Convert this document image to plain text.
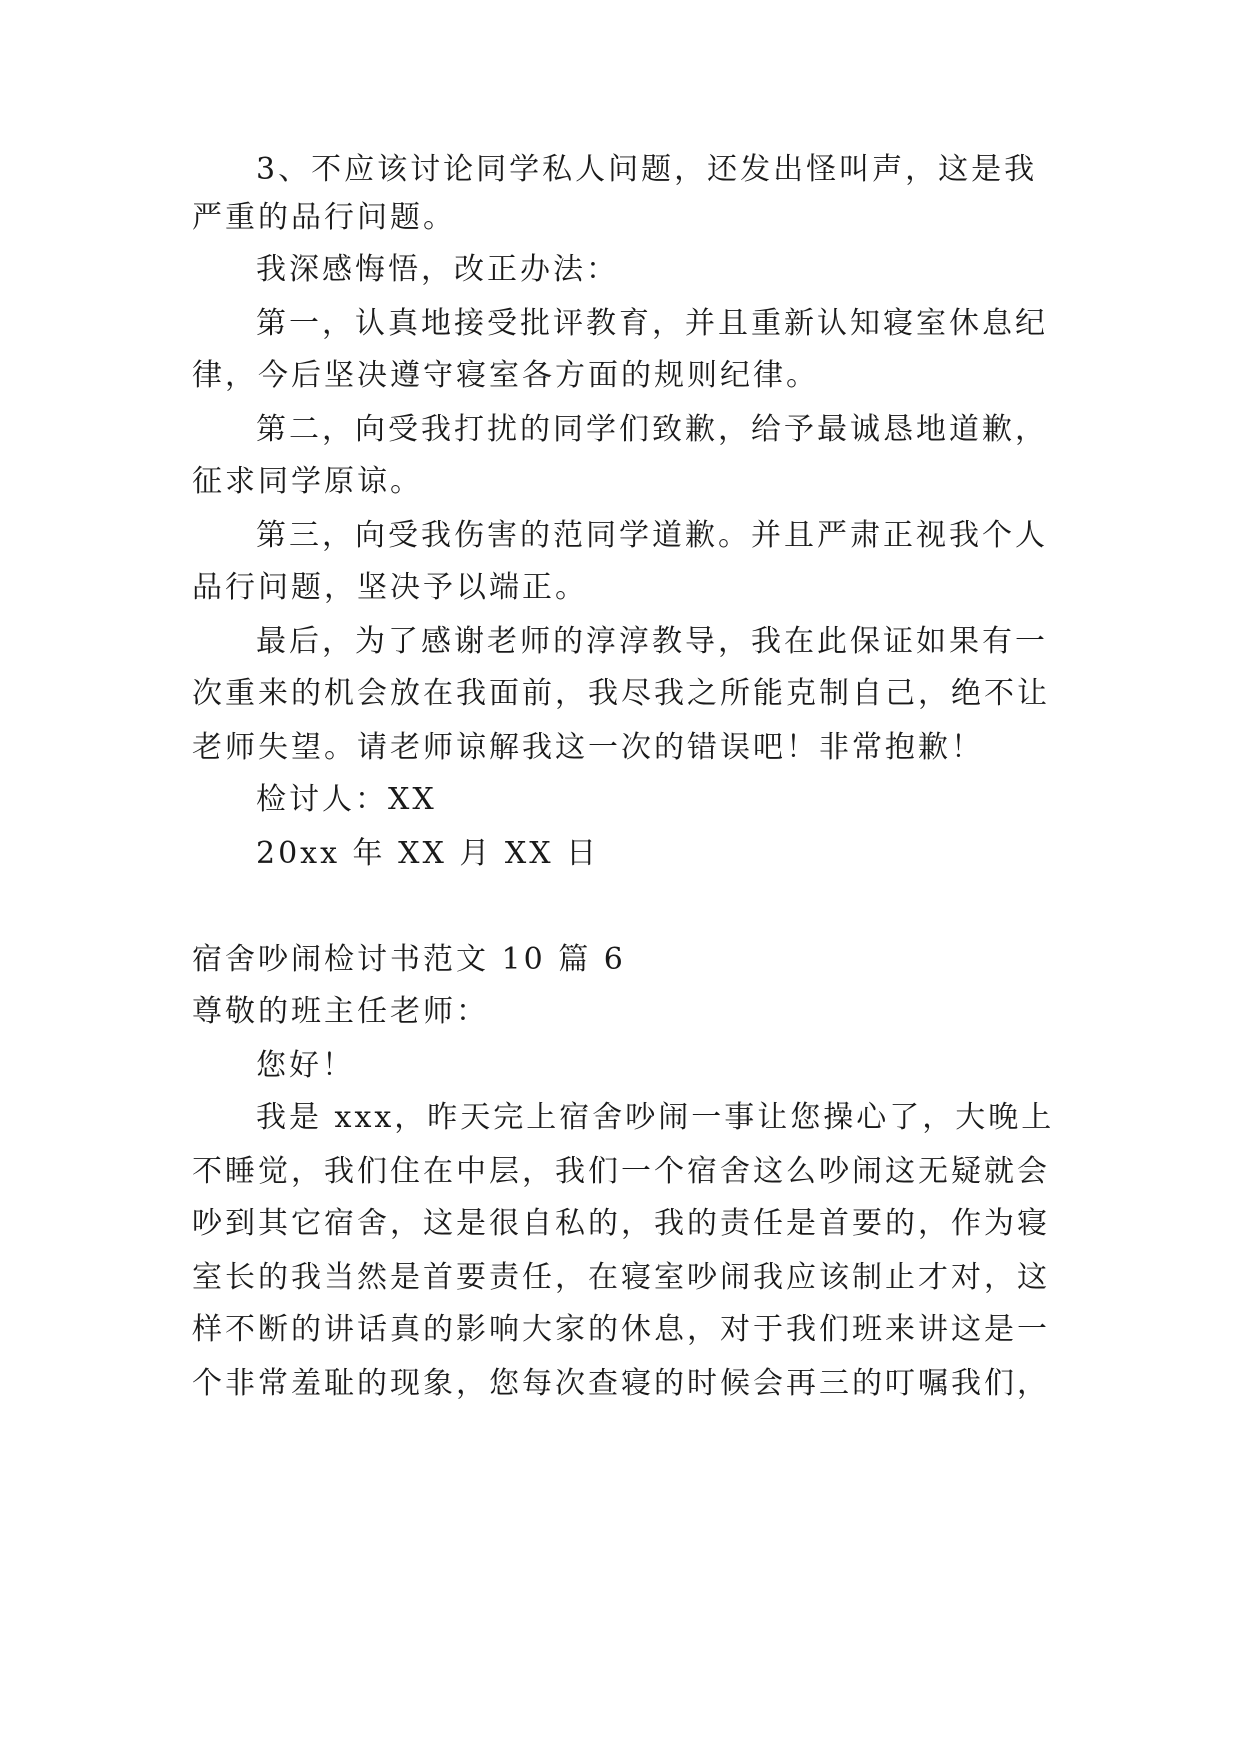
3、不应该讨论同学私人问题，还发出怪叫声，这是我
严重的品行问题。
我深感悔悟，改正办法：
第一，认真地接受批评教育，并且重新认知寝室休息纪
律，今后坚决遵守寝室各方面的规则纪律。
第二，向受我打扰的同学们致歉，给予最诚恳地道歉，
征求同学原谅。
第三，向受我伤害的范同学道歉。并且严肃正视我个人
品行问题，坚决予以端正。
最后，为了感谢老师的淳淳教导，我在此保证如果有一
次重来的机会放在我面前，我尽我之所能克制自己，绝不让
老师失望。请老师谅解我这一次的错误吧！非常抱歉！
检讨人：XX
20xx 年 XX 月 XX 日
宿舍吵闹检讨书范文 10 篇 6
尊敬的班主任老师：
您好！
我是 xxx，昨天完上宿舍吵闹一事让您操心了，大晚上
不睡觉，我们住在中层，我们一个宿舍这么吵闹这无疑就会
吵到其它宿舍，这是很自私的，我的责任是首要的，作为寝
室长的我当然是首要责任，在寝室吵闹我应该制止才对，这
样不断的讲话真的影响大家的休息，对于我们班来讲这是一
个非常羞耻的现象，您每次查寝的时候会再三的叮嘱我们，
